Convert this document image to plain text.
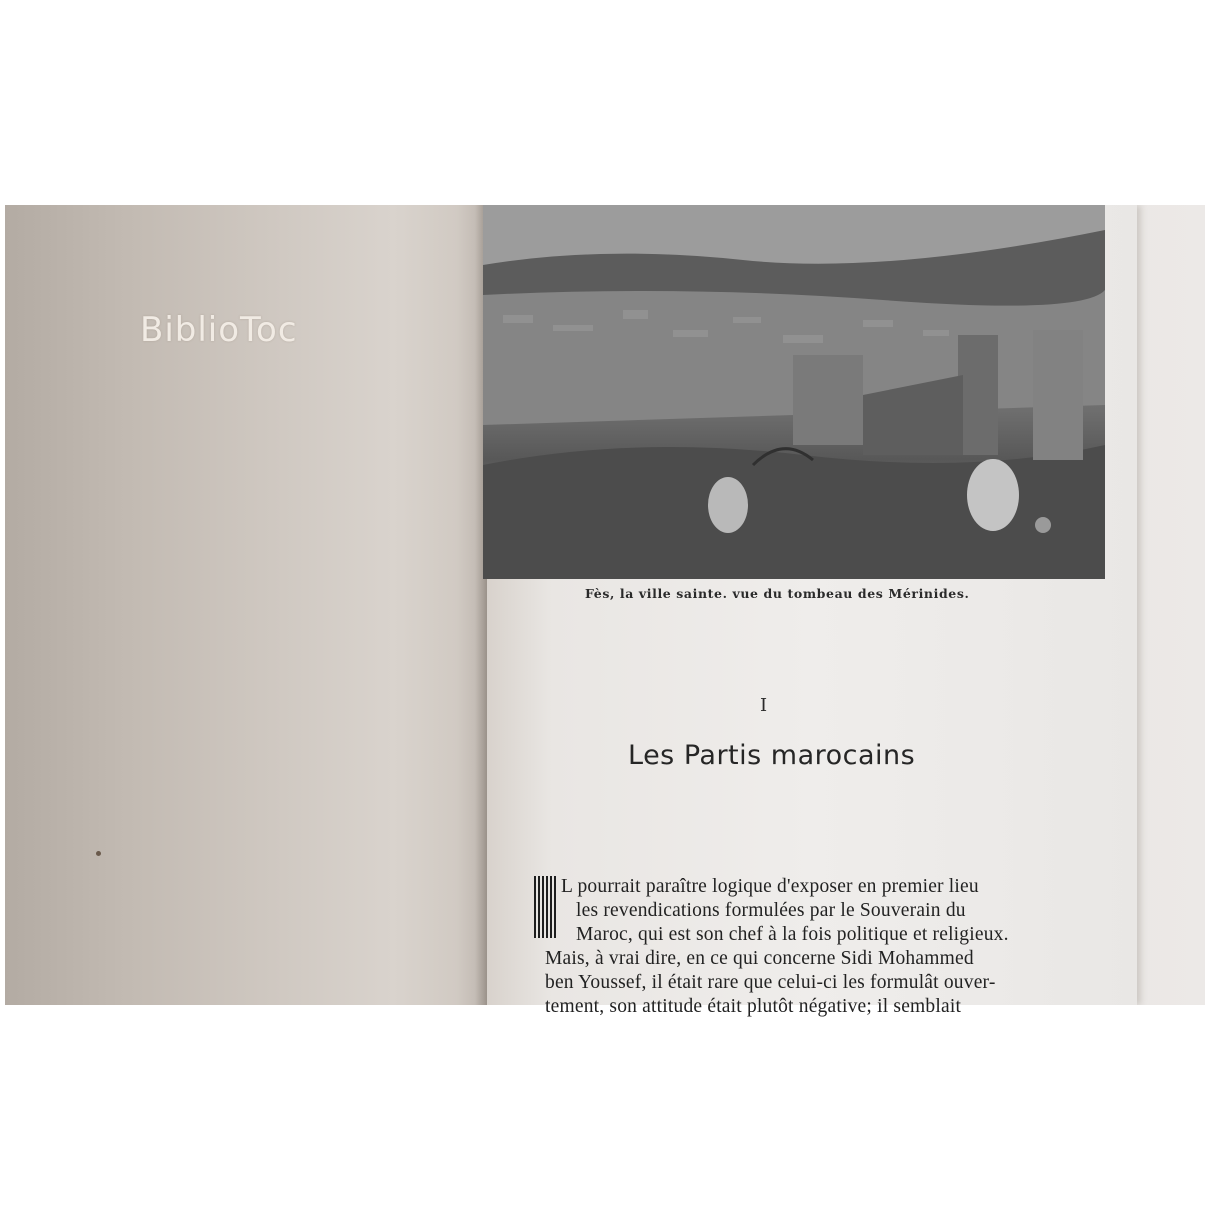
BiblioToc
Fès, la ville sainte. vue du tombeau des Mérinides.
I
Les Partis marocains
L pourrait paraître logique d'exposer en premier lieu
les revendications formulées par le Souverain du
Maroc, qui est son chef à la fois politique et religieux.
Mais, à vrai dire, en ce qui concerne Sidi Mohammed
ben Youssef, il était rare que celui-ci les formulât ouver-
tement, son attitude était plutôt négative; il semblait
